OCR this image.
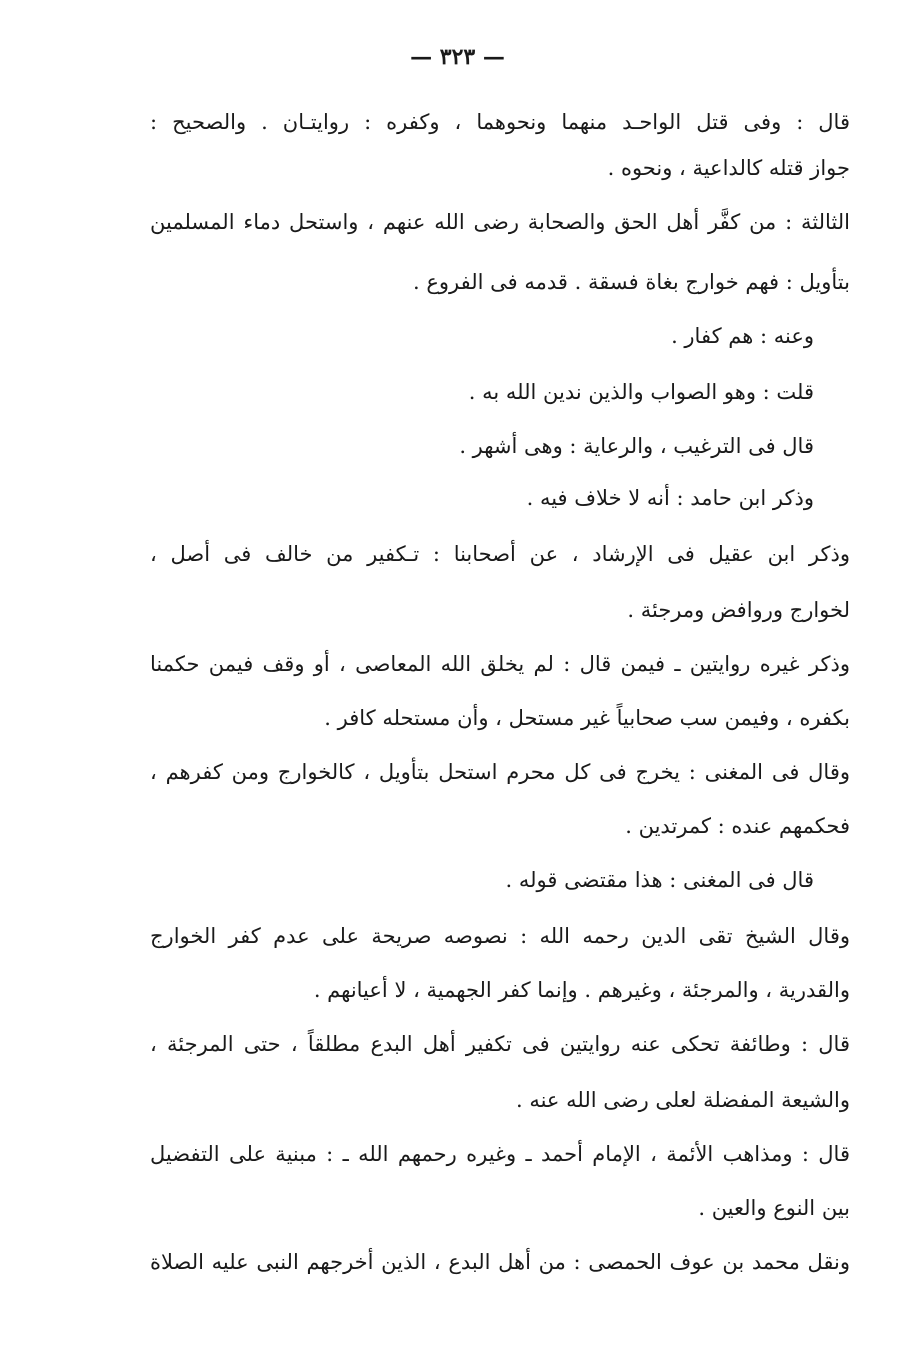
— ٣٢٣ —
قال : وفى قتل الواحـد منهما ونحوهما ، وكفره : روايتـان . والصحيح :
جواز قتله كالداعية ، ونحوه .
الثالثة : من كفَّر أهل الحق والصحابة رضى الله عنهم ، واستحل دماء المسلمين
بتأويل : فهم خوارج بغاة فسقة . قدمه فى الفروع .
وعنه : هم كفار .
قلت : وهو الصواب والذين ندين الله به .
قال فى الترغيب ، والرعاية : وهى أشهر .
وذكر ابن حامد : أنه لا خلاف فيه .
وذكر ابن عقيل فى الإرشاد ، عن أصحابنا : تـكفير من خالف فى أصل ،
لخوارج وروافض ومرجئة .
وذكر غيره روايتين ـ فيمن قال : لم يخلق الله المعاصى ، أو وقف فيمن حكمنا
بكفره ، وفيمن سب صحابياً غير مستحل ، وأن مستحله كافر .
وقال فى المغنى : يخرج فى كل محرم استحل بتأويل ، كالخوارج ومن كفرهم ،
فحكمهم عنده : كمرتدين .
قال فى المغنى : هذا مقتضى قوله .
وقال الشيخ تقى الدين رحمه الله : نصوصه صريحة على عدم كفر الخوارج
والقدرية ، والمرجئة ، وغيرهم . وإنما كفر الجهمية ، لا أعيانهم .
قال : وطائفة تحكى عنه روايتين فى تكفير أهل البدع مطلقاً ، حتى المرجئة ،
والشيعة المفضلة لعلى رضى الله عنه .
قال : ومذاهب الأئمة ، الإمام أحمد ـ وغيره رحمهم الله ـ : مبنية على التفضيل
بين النوع والعين .
ونقل محمد بن عوف الحمصى : من أهل البدع ، الذين أخرجهم النبى عليه الصلاة
